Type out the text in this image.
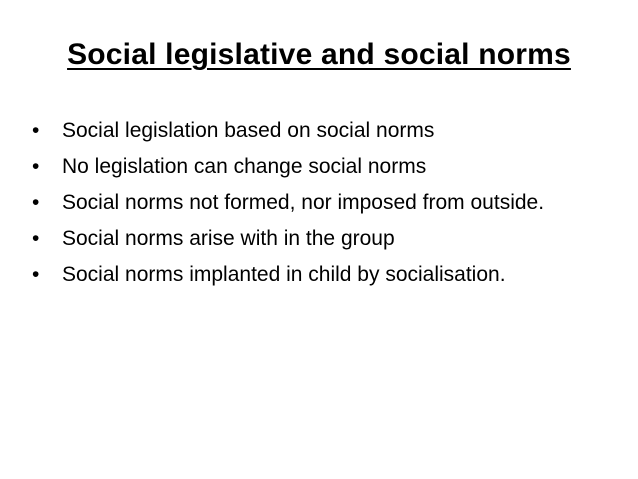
Social legislative and social norms
•	Social legislation based on social norms
•	No legislation can change social norms
•	Social norms not formed, nor imposed from outside.
•	Social norms arise with in the group
•	Social norms implanted in child by socialisation.
